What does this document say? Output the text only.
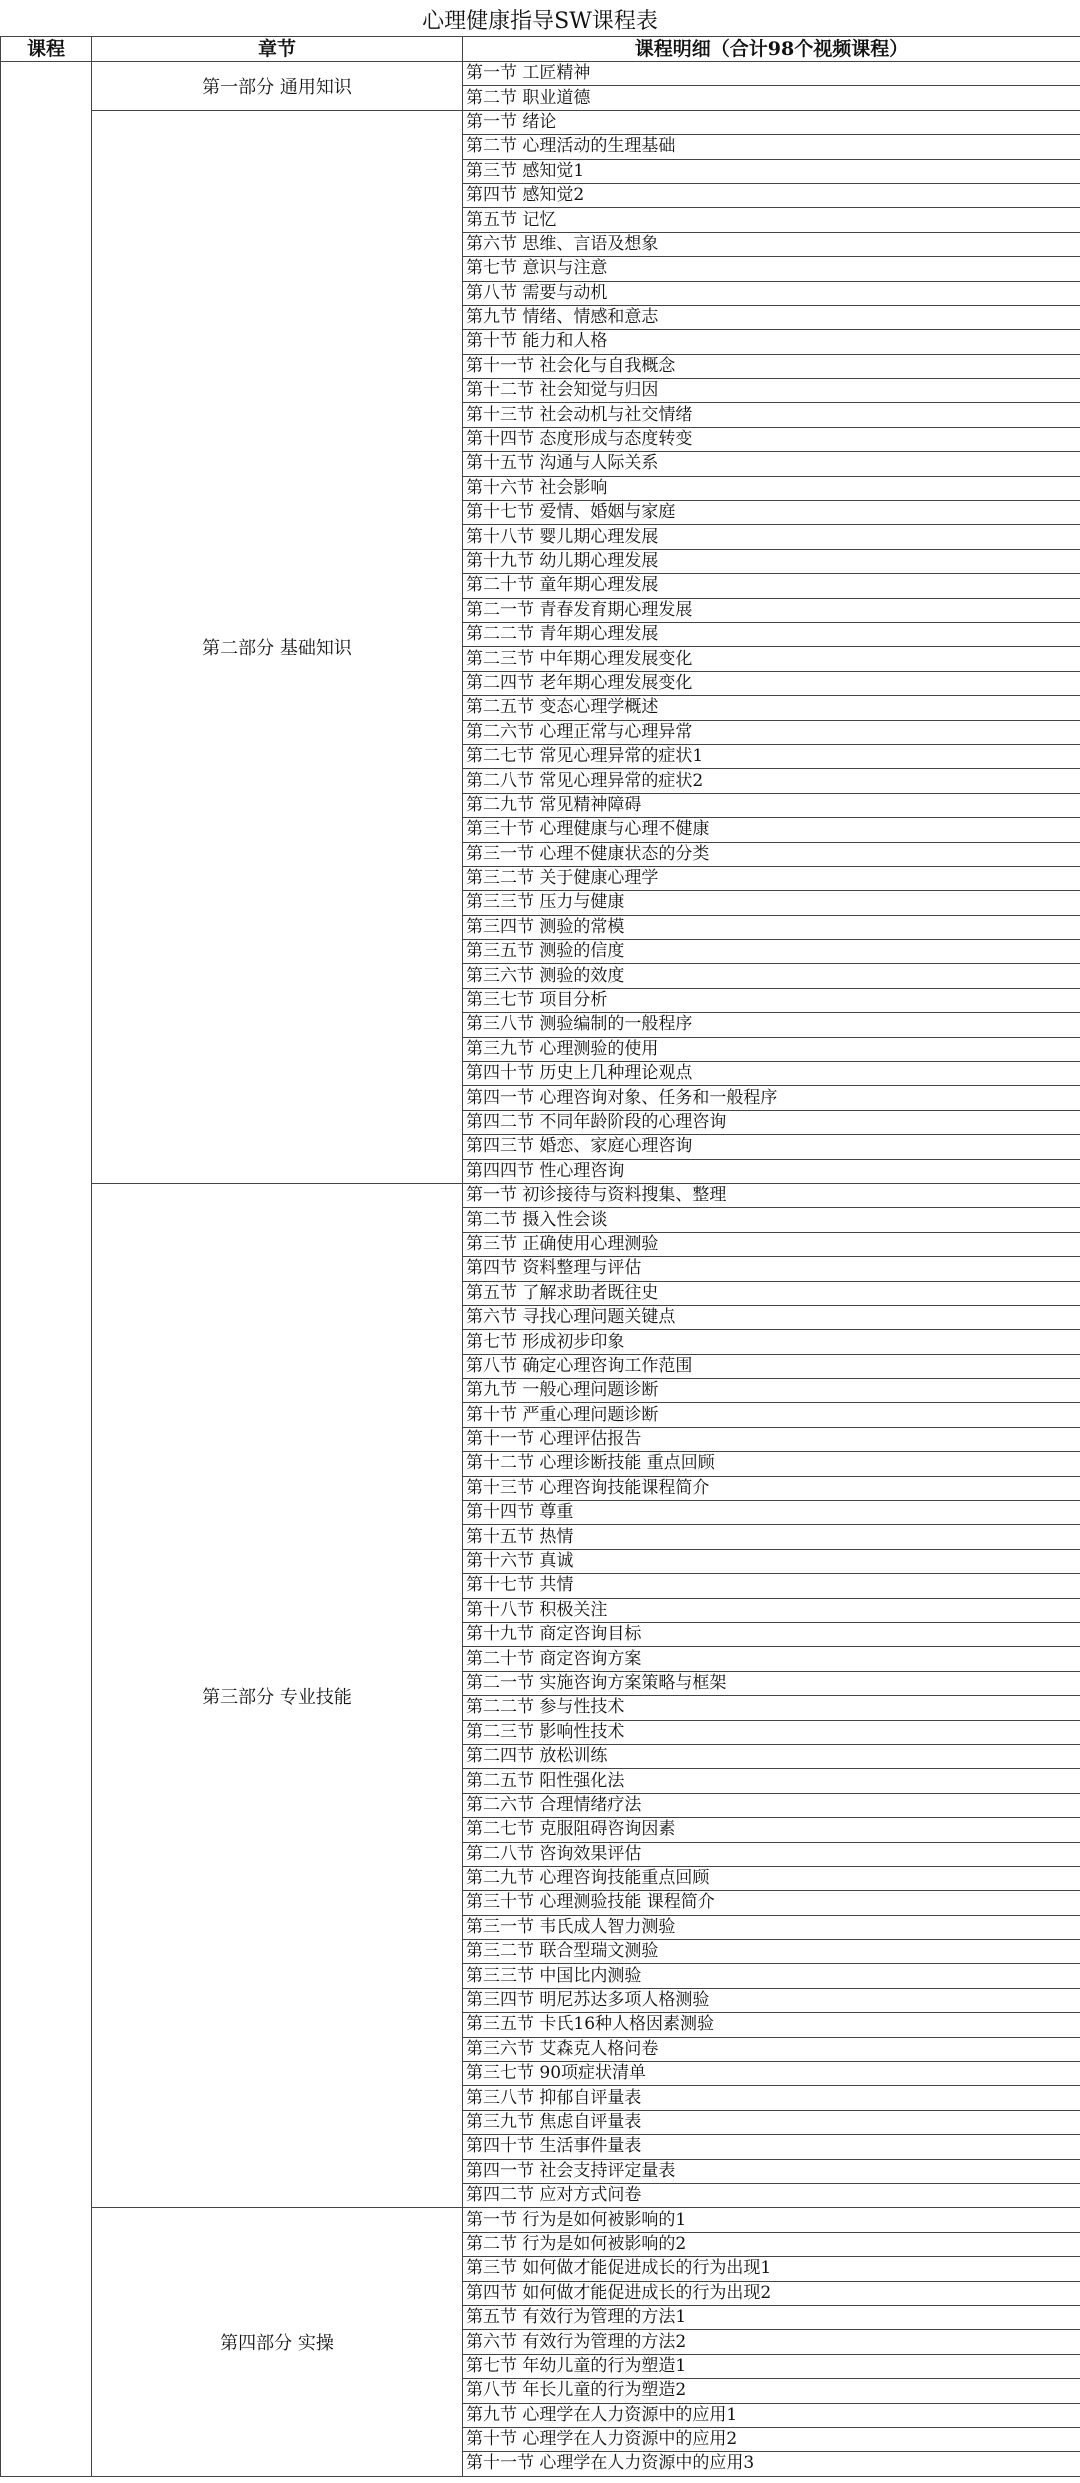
心理健康指导SW课程表
课程	章节	课程明细（合计98个视频课程）
	第一部分 通用知识	第一节 工匠精神
		第二节 职业道德
	第二部分 基础知识	第一节 绪论
		第二节 心理活动的生理基础
		第三节 感知觉1
		第四节 感知觉2
		第五节 记忆
		第六节 思维、言语及想象
		第七节 意识与注意
		第八节 需要与动机
		第九节 情绪、情感和意志
		第十节 能力和人格
		第十一节 社会化与自我概念
		第十二节 社会知觉与归因
		第十三节 社会动机与社交情绪
		第十四节 态度形成与态度转变
		第十五节 沟通与人际关系
		第十六节 社会影响
		第十七节 爱情、婚姻与家庭
		第十八节 婴儿期心理发展
		第十九节 幼儿期心理发展
		第二十节 童年期心理发展
		第二一节 青春发育期心理发展
		第二二节 青年期心理发展
		第二三节 中年期心理发展变化
		第二四节 老年期心理发展变化
		第二五节 变态心理学概述
		第二六节 心理正常与心理异常
		第二七节 常见心理异常的症状1
		第二八节 常见心理异常的症状2
		第二九节 常见精神障碍
		第三十节 心理健康与心理不健康
		第三一节 心理不健康状态的分类
		第三二节 关于健康心理学
		第三三节 压力与健康
		第三四节 测验的常模
		第三五节 测验的信度
		第三六节 测验的效度
		第三七节 项目分析
		第三八节 测验编制的一般程序
		第三九节 心理测验的使用
		第四十节 历史上几种理论观点
		第四一节 心理咨询对象、任务和一般程序
		第四二节 不同年龄阶段的心理咨询
		第四三节 婚恋、家庭心理咨询
		第四四节 性心理咨询
	第三部分 专业技能	第一节 初诊接待与资料搜集、整理
		第二节 摄入性会谈
		第三节 正确使用心理测验
		第四节 资料整理与评估
		第五节 了解求助者既往史
		第六节 寻找心理问题关键点
		第七节 形成初步印象
		第八节 确定心理咨询工作范围
		第九节 一般心理问题诊断
		第十节 严重心理问题诊断
		第十一节 心理评估报告
		第十二节 心理诊断技能 重点回顾
		第十三节 心理咨询技能课程简介
		第十四节 尊重
		第十五节 热情
		第十六节 真诚
		第十七节 共情
		第十八节 积极关注
		第十九节 商定咨询目标
		第二十节 商定咨询方案
		第二一节 实施咨询方案策略与框架
		第二二节 参与性技术
		第二三节 影响性技术
		第二四节 放松训练
		第二五节 阳性强化法
		第二六节 合理情绪疗法
		第二七节 克服阻碍咨询因素
		第二八节 咨询效果评估
		第二九节 心理咨询技能重点回顾
		第三十节 心理测验技能 课程简介
		第三一节 韦氏成人智力测验
		第三二节 联合型瑞文测验
		第三三节 中国比内测验
		第三四节 明尼苏达多项人格测验
		第三五节 卡氏16种人格因素测验
		第三六节 艾森克人格问卷
		第三七节 90项症状清单
		第三八节 抑郁自评量表
		第三九节 焦虑自评量表
		第四十节 生活事件量表
		第四一节 社会支持评定量表
		第四二节 应对方式问卷
	第四部分 实操	第一节 行为是如何被影响的1
		第二节 行为是如何被影响的2
		第三节 如何做才能促进成长的行为出现1
		第四节 如何做才能促进成长的行为出现2
		第五节 有效行为管理的方法1
		第六节 有效行为管理的方法2
		第七节 年幼儿童的行为塑造1
		第八节 年长儿童的行为塑造2
		第九节 心理学在人力资源中的应用1
		第十节 心理学在人力资源中的应用2
		第十一节 心理学在人力资源中的应用3
